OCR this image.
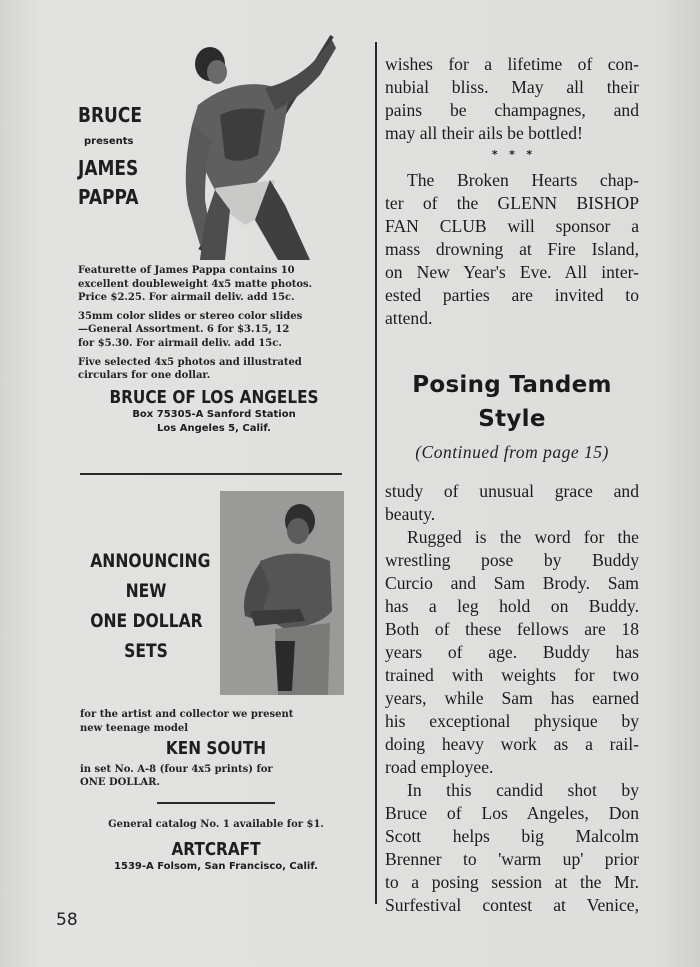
BRUCE
presents
JAMES
PAPPA
Featurette of James Pappa contains 10
excellent doubleweight 4x5 matte photos.
Price $2.25. For airmail deliv. add 15c.
35mm color slides or stereo color slides
—General Assortment. 6 for $3.15, 12
for $5.30. For airmail deliv. add 15c.
Five selected 4x5 photos and illustrated
circulars for one dollar.
BRUCE OF LOS ANGELES
Box 75305-A Sanford Station
Los Angeles 5, Calif.
ANNOUNCING
NEW
ONE DOLLAR
SETS
for the artist and collector we present
new teenage model
KEN SOUTH
in set No. A-8 (four 4x5 prints) for
ONE DOLLAR.
General catalog No. 1 available for $1.
ARTCRAFT
1539-A Folsom, San Francisco, Calif.
58
wishes for a lifetime of con-
nubial bliss. May all their
pains be champagnes, and
may all their ails be bottled!
*   *   *
The Broken Hearts chap-
ter of the GLENN BISHOP
FAN CLUB will sponsor a
mass drowning at Fire Island,
on New Year's Eve. All inter-
ested parties are invited to
attend.
Posing Tandem
Style
(Continued from page 15)
study of unusual grace and
beauty.
Rugged is the word for the
wrestling pose by Buddy
Curcio and Sam Brody. Sam
has a leg hold on Buddy.
Both of these fellows are 18
years of age. Buddy has
trained with weights for two
years, while Sam has earned
his exceptional physique by
doing heavy work as a rail-
road employee.
In this candid shot by
Bruce of Los Angeles, Don
Scott helps big Malcolm
Brenner to 'warm up' prior
to a posing session at the Mr.
Surfestival contest at Venice,
